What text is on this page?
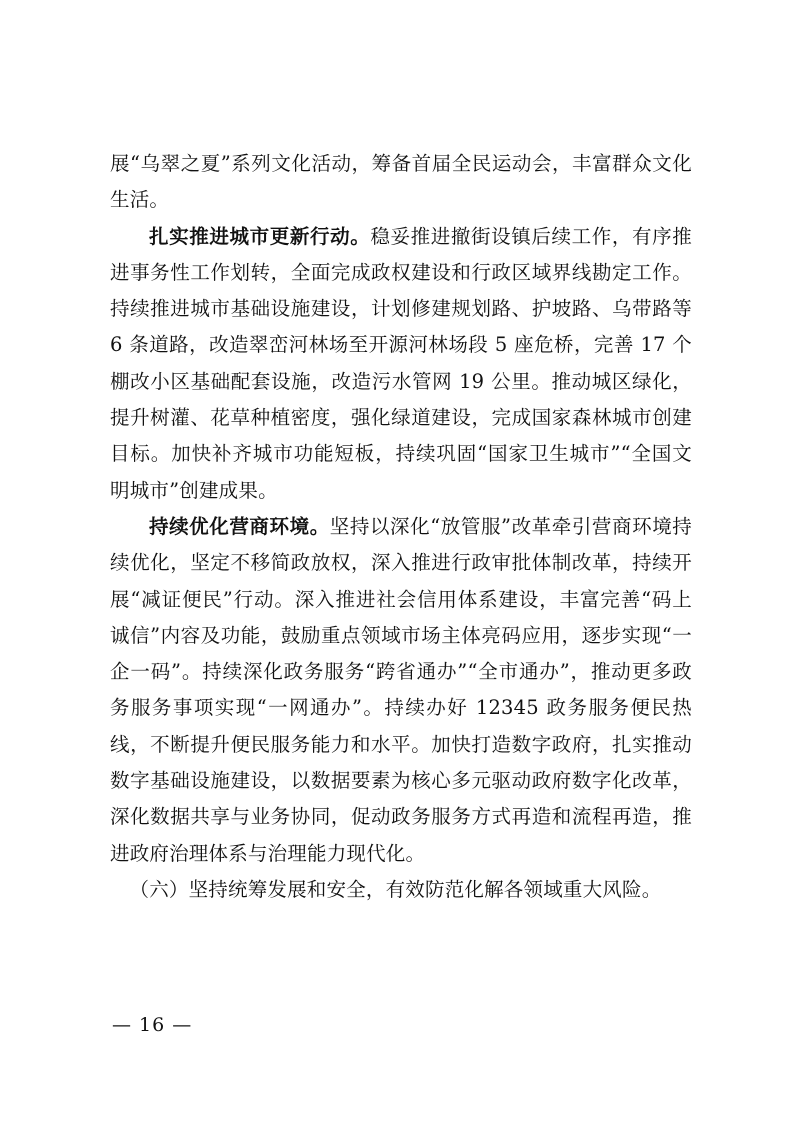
展“乌翠之夏”系列文化活动，筹备首届全民运动会，丰富群众文化生活。

扎实推进城市更新行动。稳妥推进撤街设镇后续工作，有序推进事务性工作划转，全面完成政权建设和行政区域界线勘定工作。持续推进城市基础设施建设，计划修建规划路、护坡路、乌带路等 6 条道路，改造翠峦河林场至开源河林场段 5 座危桥，完善 17 个棚改小区基础配套设施，改造污水管网 19 公里。推动城区绿化，提升树灌、花草种植密度，强化绿道建设，完成国家森林城市创建目标。加快补齐城市功能短板，持续巩固“国家卫生城市”“全国文明城市”创建成果。

持续优化营商环境。坚持以深化“放管服”改革牵引营商环境持续优化，坚定不移简政放权，深入推进行政审批体制改革，持续开展“减证便民”行动。深入推进社会信用体系建设，丰富完善“码上诚信”内容及功能，鼓励重点领域市场主体亮码应用，逐步实现“一企一码”。持续深化政务服务“跨省通办”“全市通办”，推动更多政务服务事项实现“一网通办”。持续办好 12345 政务服务便民热线，不断提升便民服务能力和水平。加快打造数字政府，扎实推动数字基础设施建设，以数据要素为核心多元驱动政府数字化改革，深化数据共享与业务协同，促动政务服务方式再造和流程再造，推进政府治理体系与治理能力现代化。

（六）坚持统筹发展和安全，有效防范化解各领域重大风险。

— 16 —
